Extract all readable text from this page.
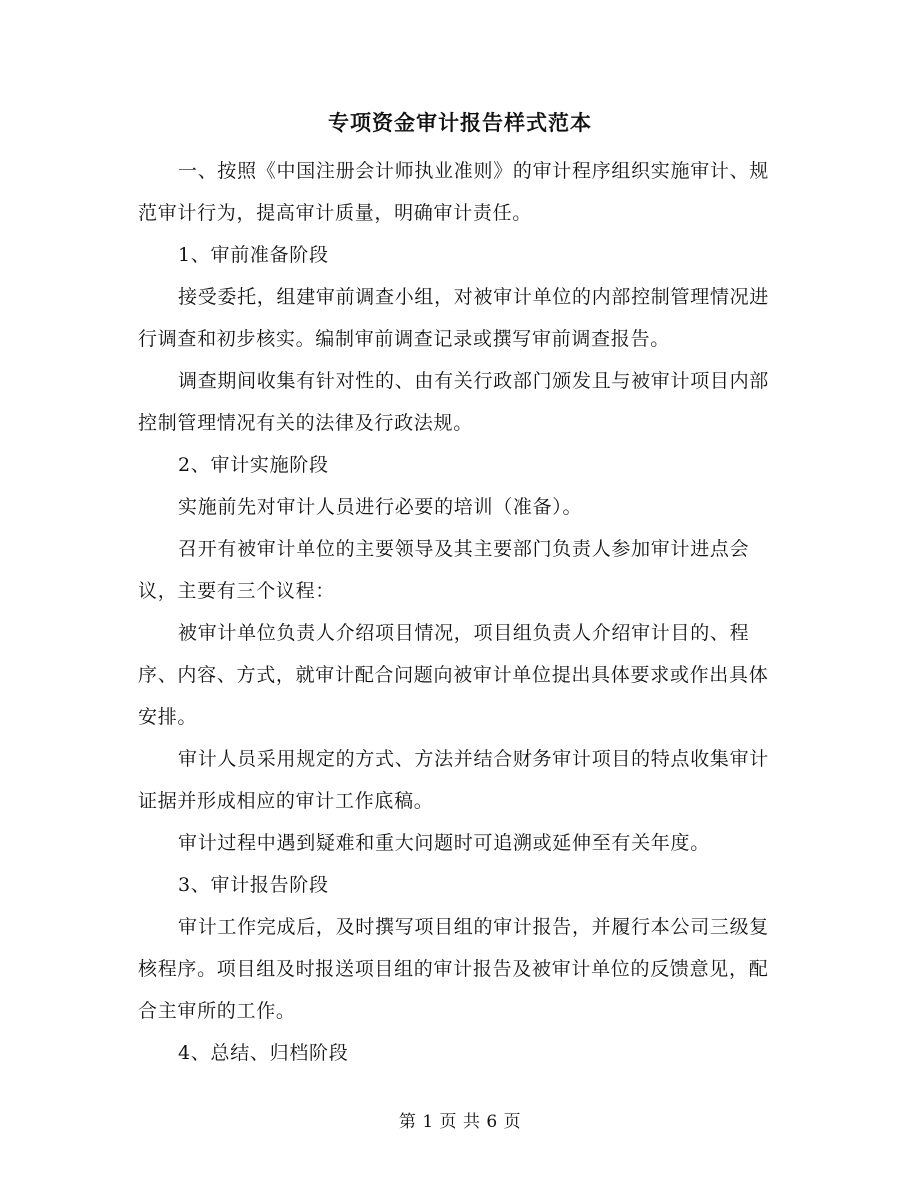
专项资金审计报告样式范本

一、按照《中国注册会计师执业准则》的审计程序组织实施审计、规范审计行为，提高审计质量，明确审计责任。

1、审前准备阶段

接受委托，组建审前调查小组，对被审计单位的内部控制管理情况进行调查和初步核实。编制审前调查记录或撰写审前调查报告。

调查期间收集有针对性的、由有关行政部门颁发且与被审计项目内部控制管理情况有关的法律及行政法规。

2、审计实施阶段

实施前先对审计人员进行必要的培训（准备）。

召开有被审计单位的主要领导及其主要部门负责人参加审计进点会议，主要有三个议程：

被审计单位负责人介绍项目情况，项目组负责人介绍审计目的、程序、内容、方式，就审计配合问题向被审计单位提出具体要求或作出具体安排。

审计人员采用规定的方式、方法并结合财务审计项目的特点收集审计证据并形成相应的审计工作底稿。

审计过程中遇到疑难和重大问题时可追溯或延伸至有关年度。

3、审计报告阶段

审计工作完成后，及时撰写项目组的审计报告，并履行本公司三级复核程序。项目组及时报送项目组的审计报告及被审计单位的反馈意见，配合主审所的工作。

4、总结、归档阶段

第 1 页 共 6 页
